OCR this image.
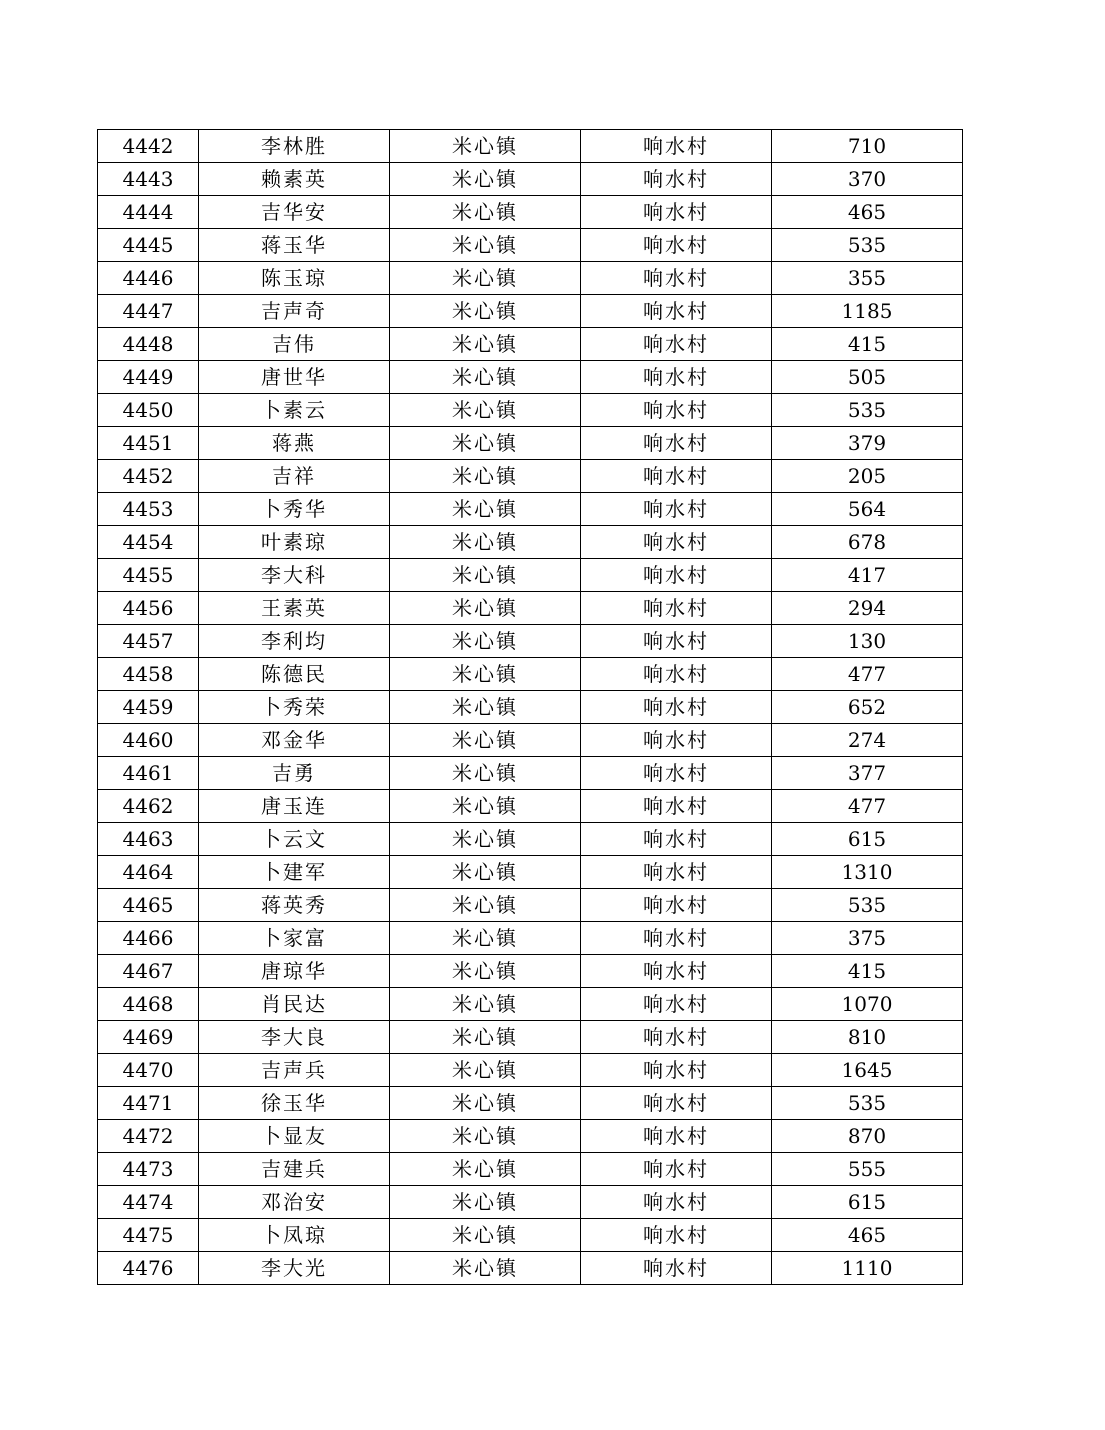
4442	李林胜	米心镇	响水村	710
4443	赖素英	米心镇	响水村	370
4444	吉华安	米心镇	响水村	465
4445	蒋玉华	米心镇	响水村	535
4446	陈玉琼	米心镇	响水村	355
4447	吉声奇	米心镇	响水村	1185
4448	吉伟	米心镇	响水村	415
4449	唐世华	米心镇	响水村	505
4450	卜素云	米心镇	响水村	535
4451	蒋燕	米心镇	响水村	379
4452	吉祥	米心镇	响水村	205
4453	卜秀华	米心镇	响水村	564
4454	叶素琼	米心镇	响水村	678
4455	李大科	米心镇	响水村	417
4456	王素英	米心镇	响水村	294
4457	李利均	米心镇	响水村	130
4458	陈德民	米心镇	响水村	477
4459	卜秀荣	米心镇	响水村	652
4460	邓金华	米心镇	响水村	274
4461	吉勇	米心镇	响水村	377
4462	唐玉连	米心镇	响水村	477
4463	卜云文	米心镇	响水村	615
4464	卜建军	米心镇	响水村	1310
4465	蒋英秀	米心镇	响水村	535
4466	卜家富	米心镇	响水村	375
4467	唐琼华	米心镇	响水村	415
4468	肖民达	米心镇	响水村	1070
4469	李大良	米心镇	响水村	810
4470	吉声兵	米心镇	响水村	1645
4471	徐玉华	米心镇	响水村	535
4472	卜显友	米心镇	响水村	870
4473	吉建兵	米心镇	响水村	555
4474	邓治安	米心镇	响水村	615
4475	卜凤琼	米心镇	响水村	465
4476	李大光	米心镇	响水村	1110
